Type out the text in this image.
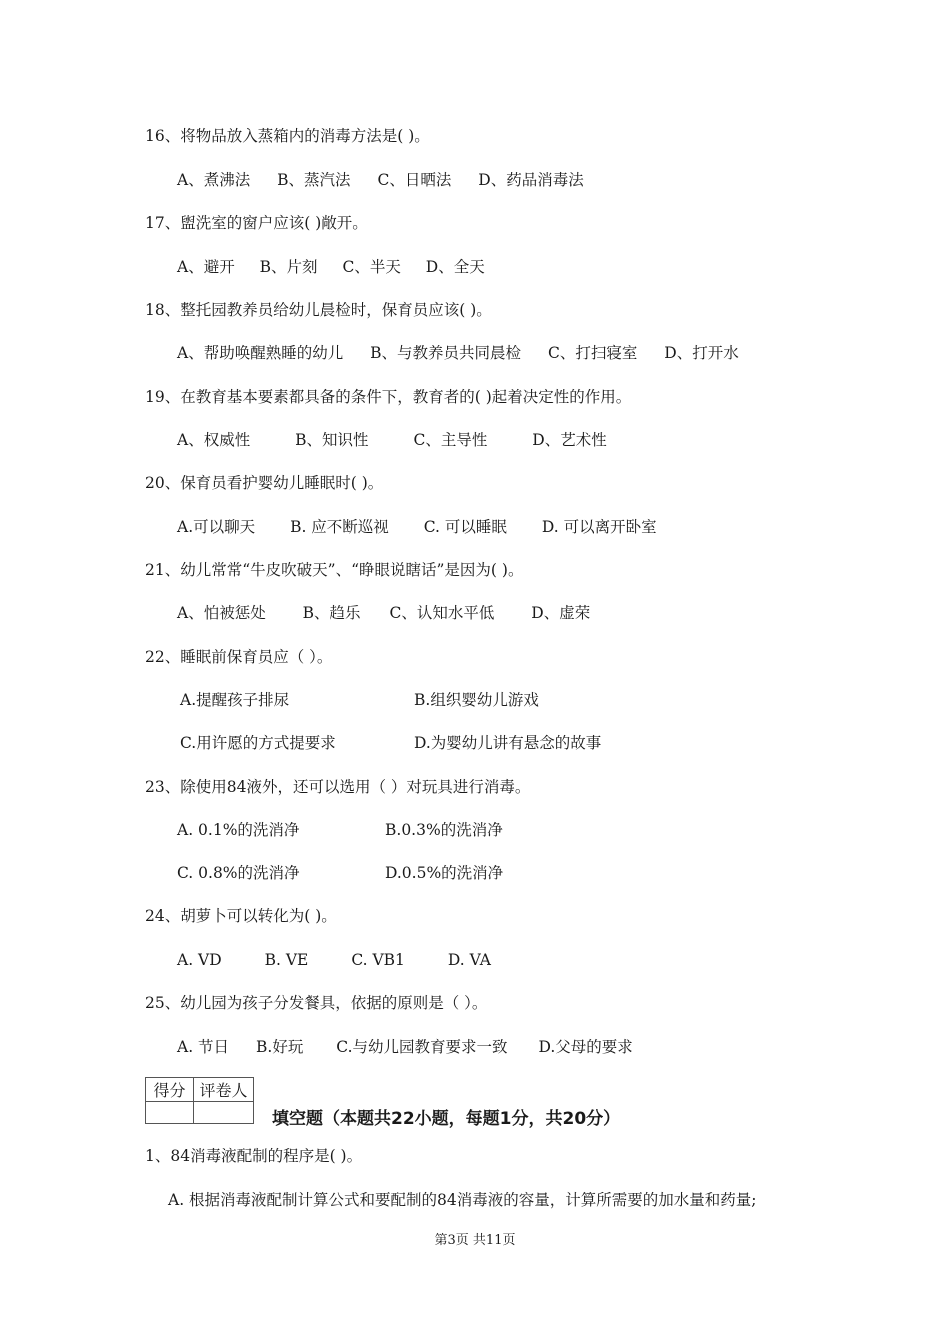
16、将物品放入蒸箱内的消毒方法是( )。
A、煮沸法 B、蒸汽法 C、日晒法 D、药品消毒法
17、盥洗室的窗户应该( )敞开。
A、避开 B、片刻 C、半天 D、全天
18、整托园教养员给幼儿晨检时，保育员应该( )。
A、帮助唤醒熟睡的幼儿 B、与教养员共同晨检 C、打扫寝室 D、打开水
19、在教育基本要素都具备的条件下，教育者的( )起着决定性的作用。
A、权威性	B、知识性	C、主导性	D、艺术性
20、保育员看护婴幼儿睡眠时( )。
A.可以聊天 B. 应不断巡视 C. 可以睡眠 D. 可以离开卧室
21、幼儿常常“牛皮吹破天”、“睁眼说瞎话”是因为( )。
A、怕被惩处 B、趋乐 C、认知水平低 D、虚荣
22、睡眠前保育员应（ ）。
A.提醒孩子排尿	B.组织婴幼儿游戏
C.用许愿的方式提要求	D.为婴幼儿讲有悬念的故事
23、除使用84液外，还可以选用（ ）对玩具进行消毒。
A. 0.1%的洗消净	B.0.3%的洗消净
C. 0.8%的洗消净	D.0.5%的洗消净
24、胡萝卜可以转化为( )。
A. VD	B. VE	C. VB1	D. VA
25、幼儿园为孩子分发餐具，依据的原则是（ ）。
A. 节日 B.好玩 C.与幼儿园教育要求一致 D.父母的要求
得分	评卷人

填空题（本题共22小题，每题1分，共20分）
1、84消毒液配制的程序是( )。
A. 根据消毒液配制计算公式和要配制的84消毒液的容量，计算所需要的加水量和药量;
第3页 共11页
